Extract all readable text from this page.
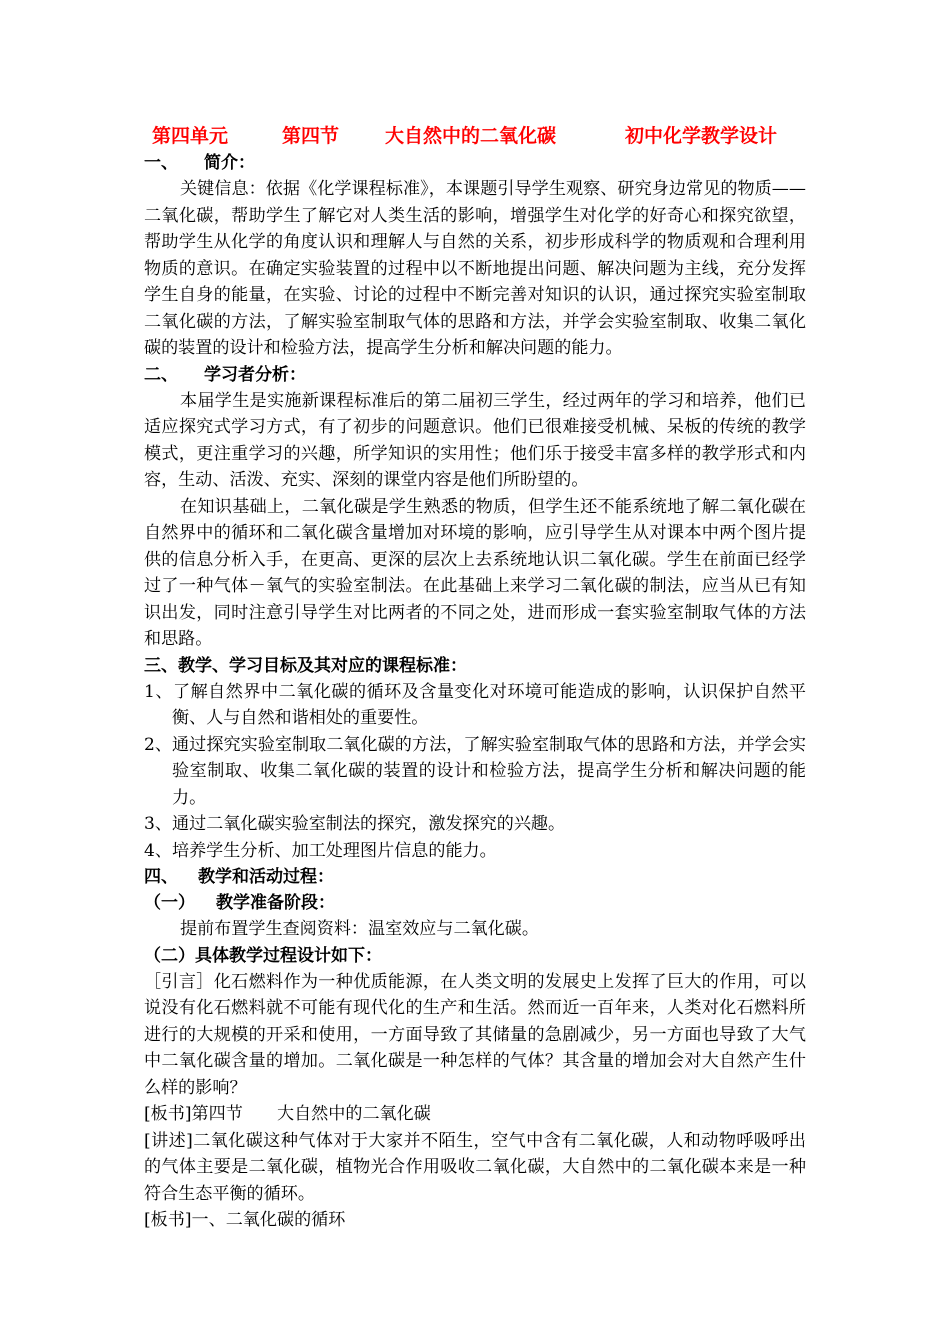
第四单元	第四节 大自然中的二氧化碳	初中化学教学设计
一、 简介：

关键信息：依据《化学课程标准》，本课题引导学生观察、研究身边常见的物质——二氧化碳，帮助学生了解它对人类生活的影响，增强学生对化学的好奇心和探究欲望，帮助学生从化学的角度认识和理解人与自然的关系，初步形成科学的物质观和合理利用物质的意识。在确定实验装置的过程中以不断地提出问题、解决问题为主线，充分发挥学生自身的能量，在实验、讨论的过程中不断完善对知识的认识，通过探究实验室制取二氧化碳的方法，了解实验室制取气体的思路和方法，并学会实验室制取、收集二氧化碳的装置的设计和检验方法，提高学生分析和解决问题的能力。

二、 学习者分析：

本届学生是实施新课程标准后的第二届初三学生，经过两年的学习和培养，他们已适应探究式学习方式，有了初步的问题意识。他们已很难接受机械、呆板的传统的教学模式，更注重学习的兴趣，所学知识的实用性；他们乐于接受丰富多样的教学形式和内容，生动、活泼、充实、深刻的课堂内容是他们所盼望的。

在知识基础上，二氧化碳是学生熟悉的物质，但学生还不能系统地了解二氧化碳在自然界中的循环和二氧化碳含量增加对环境的影响，应引导学生从对课本中两个图片提供的信息分析入手，在更高、更深的层次上去系统地认识二氧化碳。学生在前面已经学过了一种气体－氧气的实验室制法。在此基础上来学习二氧化碳的制法，应当从已有知识出发，同时注意引导学生对比两者的不同之处，进而形成一套实验室制取气体的方法和思路。

三、教学、学习目标及其对应的课程标准：

1、了解自然界中二氧化碳的循环及含量变化对环境可能造成的影响，认识保护自然平衡、人与自然和谐相处的重要性。

2、通过探究实验室制取二氧化碳的方法，了解实验室制取气体的思路和方法，并学会实验室制取、收集二氧化碳的装置的设计和检验方法，提高学生分析和解决问题的能力。

3、通过二氧化碳实验室制法的探究，激发探究的兴趣。

4、培养学生分析、加工处理图片信息的能力。

四、 教学和活动过程：
（一） 教学准备阶段：

提前布置学生查阅资料：温室效应与二氧化碳。

（二）具体教学过程设计如下：

［引言］化石燃料作为一种优质能源，在人类文明的发展史上发挥了巨大的作用，可以说没有化石燃料就不可能有现代化的生产和生活。然而近一百年来，人类对化石燃料所进行的大规模的开采和使用，一方面导致了其储量的急剧减少，另一方面也导致了大气中二氧化碳含量的增加。二氧化碳是一种怎样的气体？其含量的增加会对大自然产生什么样的影响？

[板书]第四节　　大自然中的二氧化碳

[讲述]二氧化碳这种气体对于大家并不陌生，空气中含有二氧化碳，人和动物呼吸呼出的气体主要是二氧化碳，植物光合作用吸收二氧化碳，大自然中的二氧化碳本来是一种符合生态平衡的循环。

[板书]一、二氧化碳的循环
